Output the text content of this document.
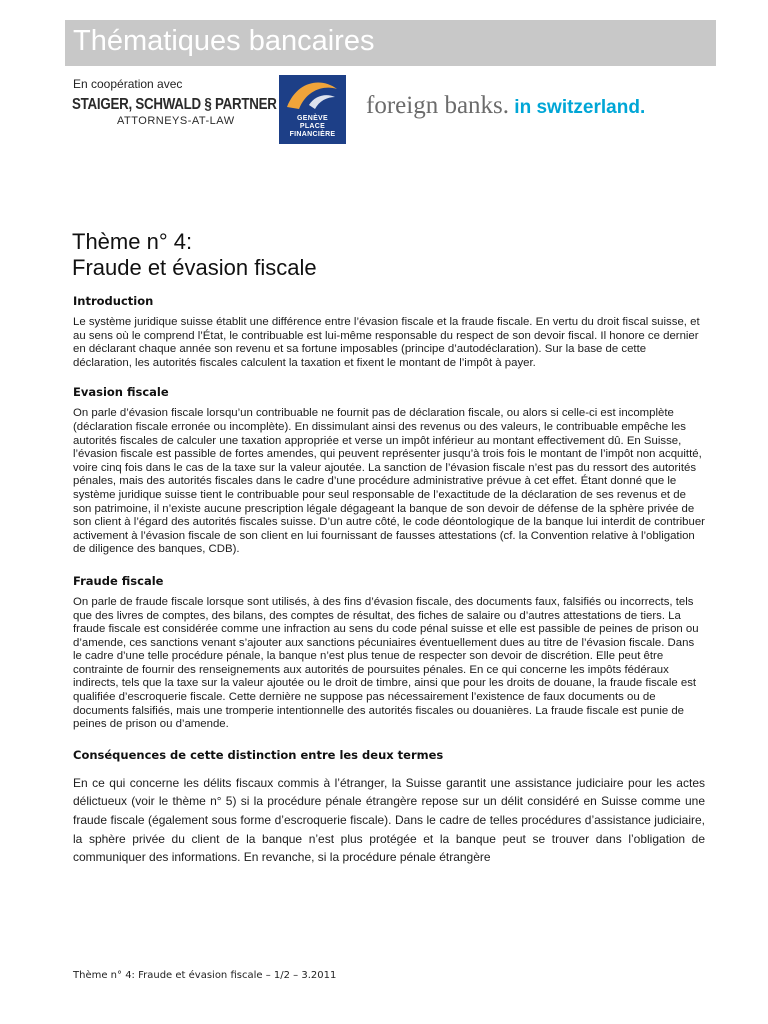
Thématiques bancaires
En coopération avec
STAIGER, SCHWALD § PARTNER
ATTORNEYS-AT-LAW	GENÈVE
PLACE
FINANCIÈRE
foreign banks. in switzerland.
Thème n° 4:
Fraude et évasion fiscale
Introduction

Le système juridique suisse établit une différence entre l’évasion fiscale et la fraude fiscale. En vertu du droit fiscal suisse, et au sens où le comprend l’État, le contribuable est lui-même responsable du respect de son devoir fiscal. Il honore ce dernier en déclarant chaque année son revenu et sa fortune imposables (principe d’autodéclaration). Sur la base de cette déclaration, les autorités fiscales calculent la taxation et fixent le montant de l’impôt à payer.

Evasion fiscale

On parle d’évasion fiscale lorsqu’un contribuable ne fournit pas de déclaration fiscale, ou alors si celle-ci est incomplète (déclaration fiscale erronée ou incomplète). En dissimulant ainsi des revenus ou des valeurs, le contribuable empêche les autorités fiscales de calculer une taxation appropriée et verse un impôt inférieur au montant effectivement dû. En Suisse, l’évasion fiscale est passible de fortes amendes, qui peuvent représenter jusqu’à trois fois le montant de l’impôt non acquitté, voire cinq fois dans le cas de la taxe sur la valeur ajoutée. La sanction de l’évasion fiscale n’est pas du ressort des autorités pénales, mais des autorités fiscales dans le cadre d’une procédure administrative prévue à cet effet. Étant donné que le système juridique suisse tient le contribuable pour seul responsable de l’exactitude de la déclaration de ses revenus et de son patrimoine, il n’existe aucune prescription légale dégageant la banque de son devoir de défense de la sphère privée de son client à l’égard des autorités fiscales suisse. D’un autre côté, le code déontologique de la banque lui interdit de contribuer activement à l’évasion fiscale de son client en lui fournissant de fausses attestations (cf. la Convention relative à l’obligation de diligence des banques, CDB).

Fraude fiscale

On parle de fraude fiscale lorsque sont utilisés, à des fins d’évasion fiscale, des documents faux, falsifiés ou incorrects, tels que des livres de comptes, des bilans, des comptes de résultat, des fiches de salaire ou d’autres attestations de tiers. La fraude fiscale est considérée comme une infraction au sens du code pénal suisse et elle est passible de peines de prison ou d’amende, ces sanctions venant s’ajouter aux sanctions pécuniaires éventuellement dues au titre de l’évasion fiscale. Dans le cadre d’une telle procédure pénale, la banque n’est plus tenue de respecter son devoir de discrétion. Elle peut être contrainte de fournir des renseignements aux autorités de poursuites pénales. En ce qui concerne les impôts fédéraux indirects, tels que la taxe sur la valeur ajoutée ou le droit de timbre, ainsi que pour les droits de douane, la fraude fiscale est qualifiée d’escroquerie fiscale. Cette dernière ne suppose pas nécessairement l’existence de faux documents ou de documents falsifiés, mais une tromperie intentionnelle des autorités fiscales ou douanières. La fraude fiscale est punie de peines de prison ou d’amende.

Conséquences de cette distinction entre les deux termes

En ce qui concerne les délits fiscaux commis à l’étranger, la Suisse garantit une assistance judiciaire pour les actes délictueux (voir le thème n° 5) si la procédure pénale étrangère repose sur un délit considéré en Suisse comme une fraude fiscale (également sous forme d’escroquerie fiscale). Dans le cadre de telles procédures d’assistance judiciaire, la sphère privée du client de la banque n’est plus protégée et la banque peut se trouver dans l’obligation de communiquer des informations. En revanche, si la procédure pénale étrangère

Thème n° 4: Fraude et évasion fiscale – 1/2 – 3.2011
